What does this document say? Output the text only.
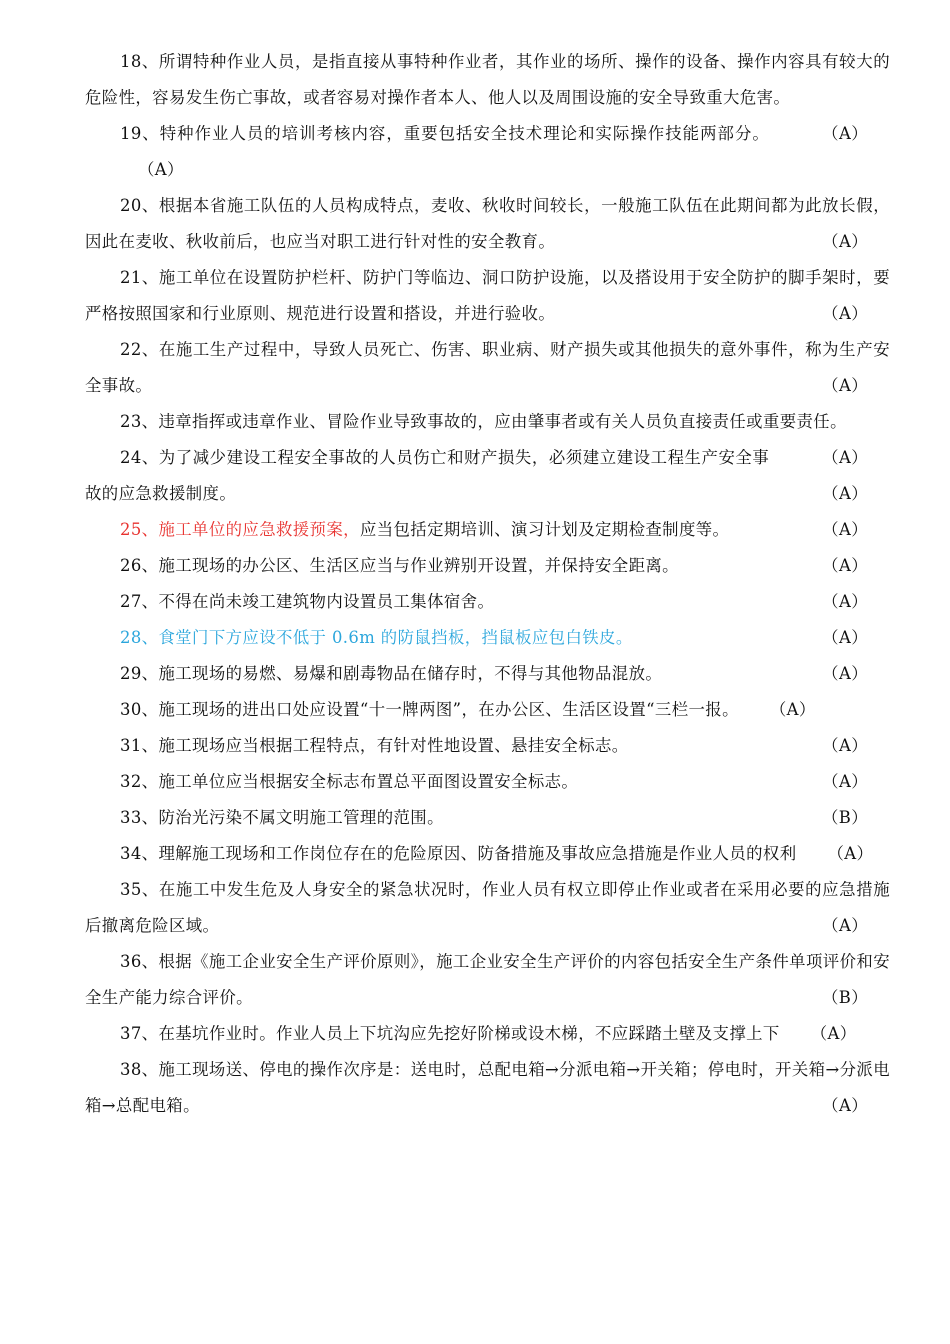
18、所谓特种作业人员，是指直接从事特种作业者，其作业的场所、操作的设备、操作内容具有较大的危险性，容易发生伤亡事故，或者容易对操作者本人、他人以及周围设施的安全导致重大危害。
（A）

19、特种作业人员的培训考核内容，重要包括安全技术理论和实际操作技能两部分。（A）

20、根据本省施工队伍的人员构成特点，麦收、秋收时间较长，一般施工队伍在此期间都为此放长假，因此在麦收、秋收前后，也应当对职工进行针对性的安全教育。	（A）

21、施工单位在设置防护栏杆、防护门等临边、洞口防护设施，以及搭设用于安全防护的脚手架时，要严格按照国家和行业原则、规范进行设置和搭设，并进行验收。	（A）

22、在施工生产过程中，导致人员死亡、伤害、职业病、财产损失或其他损失的意外事件，称为生产安全事故。	（A）

23、违章指挥或违章作业、冒险作业导致事故的，应由肇事者或有关人员负直接责任或重要责任。
（A）

24、为了减少建设工程安全事故的人员伤亡和财产损失，必须建立建设工程生产安全事故的应急救援制度。	（A）

25、施工单位的应急救援预案，应当包括定期培训、演习计划及定期检查制度等。	（A）

26、施工现场的办公区、生活区应当与作业辨别开设置，并保持安全距离。	（A）

27、不得在尚未竣工建筑物内设置员工集体宿舍。	（A）

28、食堂门下方应设不低于 0.6m 的防鼠挡板，挡鼠板应包白铁皮。	（A）

29、施工现场的易燃、易爆和剧毒物品在储存时，不得与其他物品混放。	（A）

30、施工现场的进出口处应设置“十一牌两图”，在办公区、生活区设置“三栏一报。 （A）

31、施工现场应当根据工程特点，有针对性地设置、悬挂安全标志。	（A）

32、施工单位应当根据安全标志布置总平面图设置安全标志。	（A）

33、防治光污染不属文明施工管理的范围。	（B）

34、理解施工现场和工作岗位存在的危险原因、防备措施及事故应急措施是作业人员的权利 （A）

35、在施工中发生危及人身安全的紧急状况时，作业人员有权立即停止作业或者在采用必要的应急措施后撤离危险区域。	（A）

36、根据《施工企业安全生产评价原则》，施工企业安全生产评价的内容包括安全生产条件单项评价和安全生产能力综合评价。	（B）

37、在基坑作业时。作业人员上下坑沟应先挖好阶梯或设木梯，不应踩踏土壁及支撑上下 （A）

38、施工现场送、停电的操作次序是：送电时，总配电箱→分派电箱→开关箱；停电时，开关箱→分派电箱→总配电箱。	（A）
